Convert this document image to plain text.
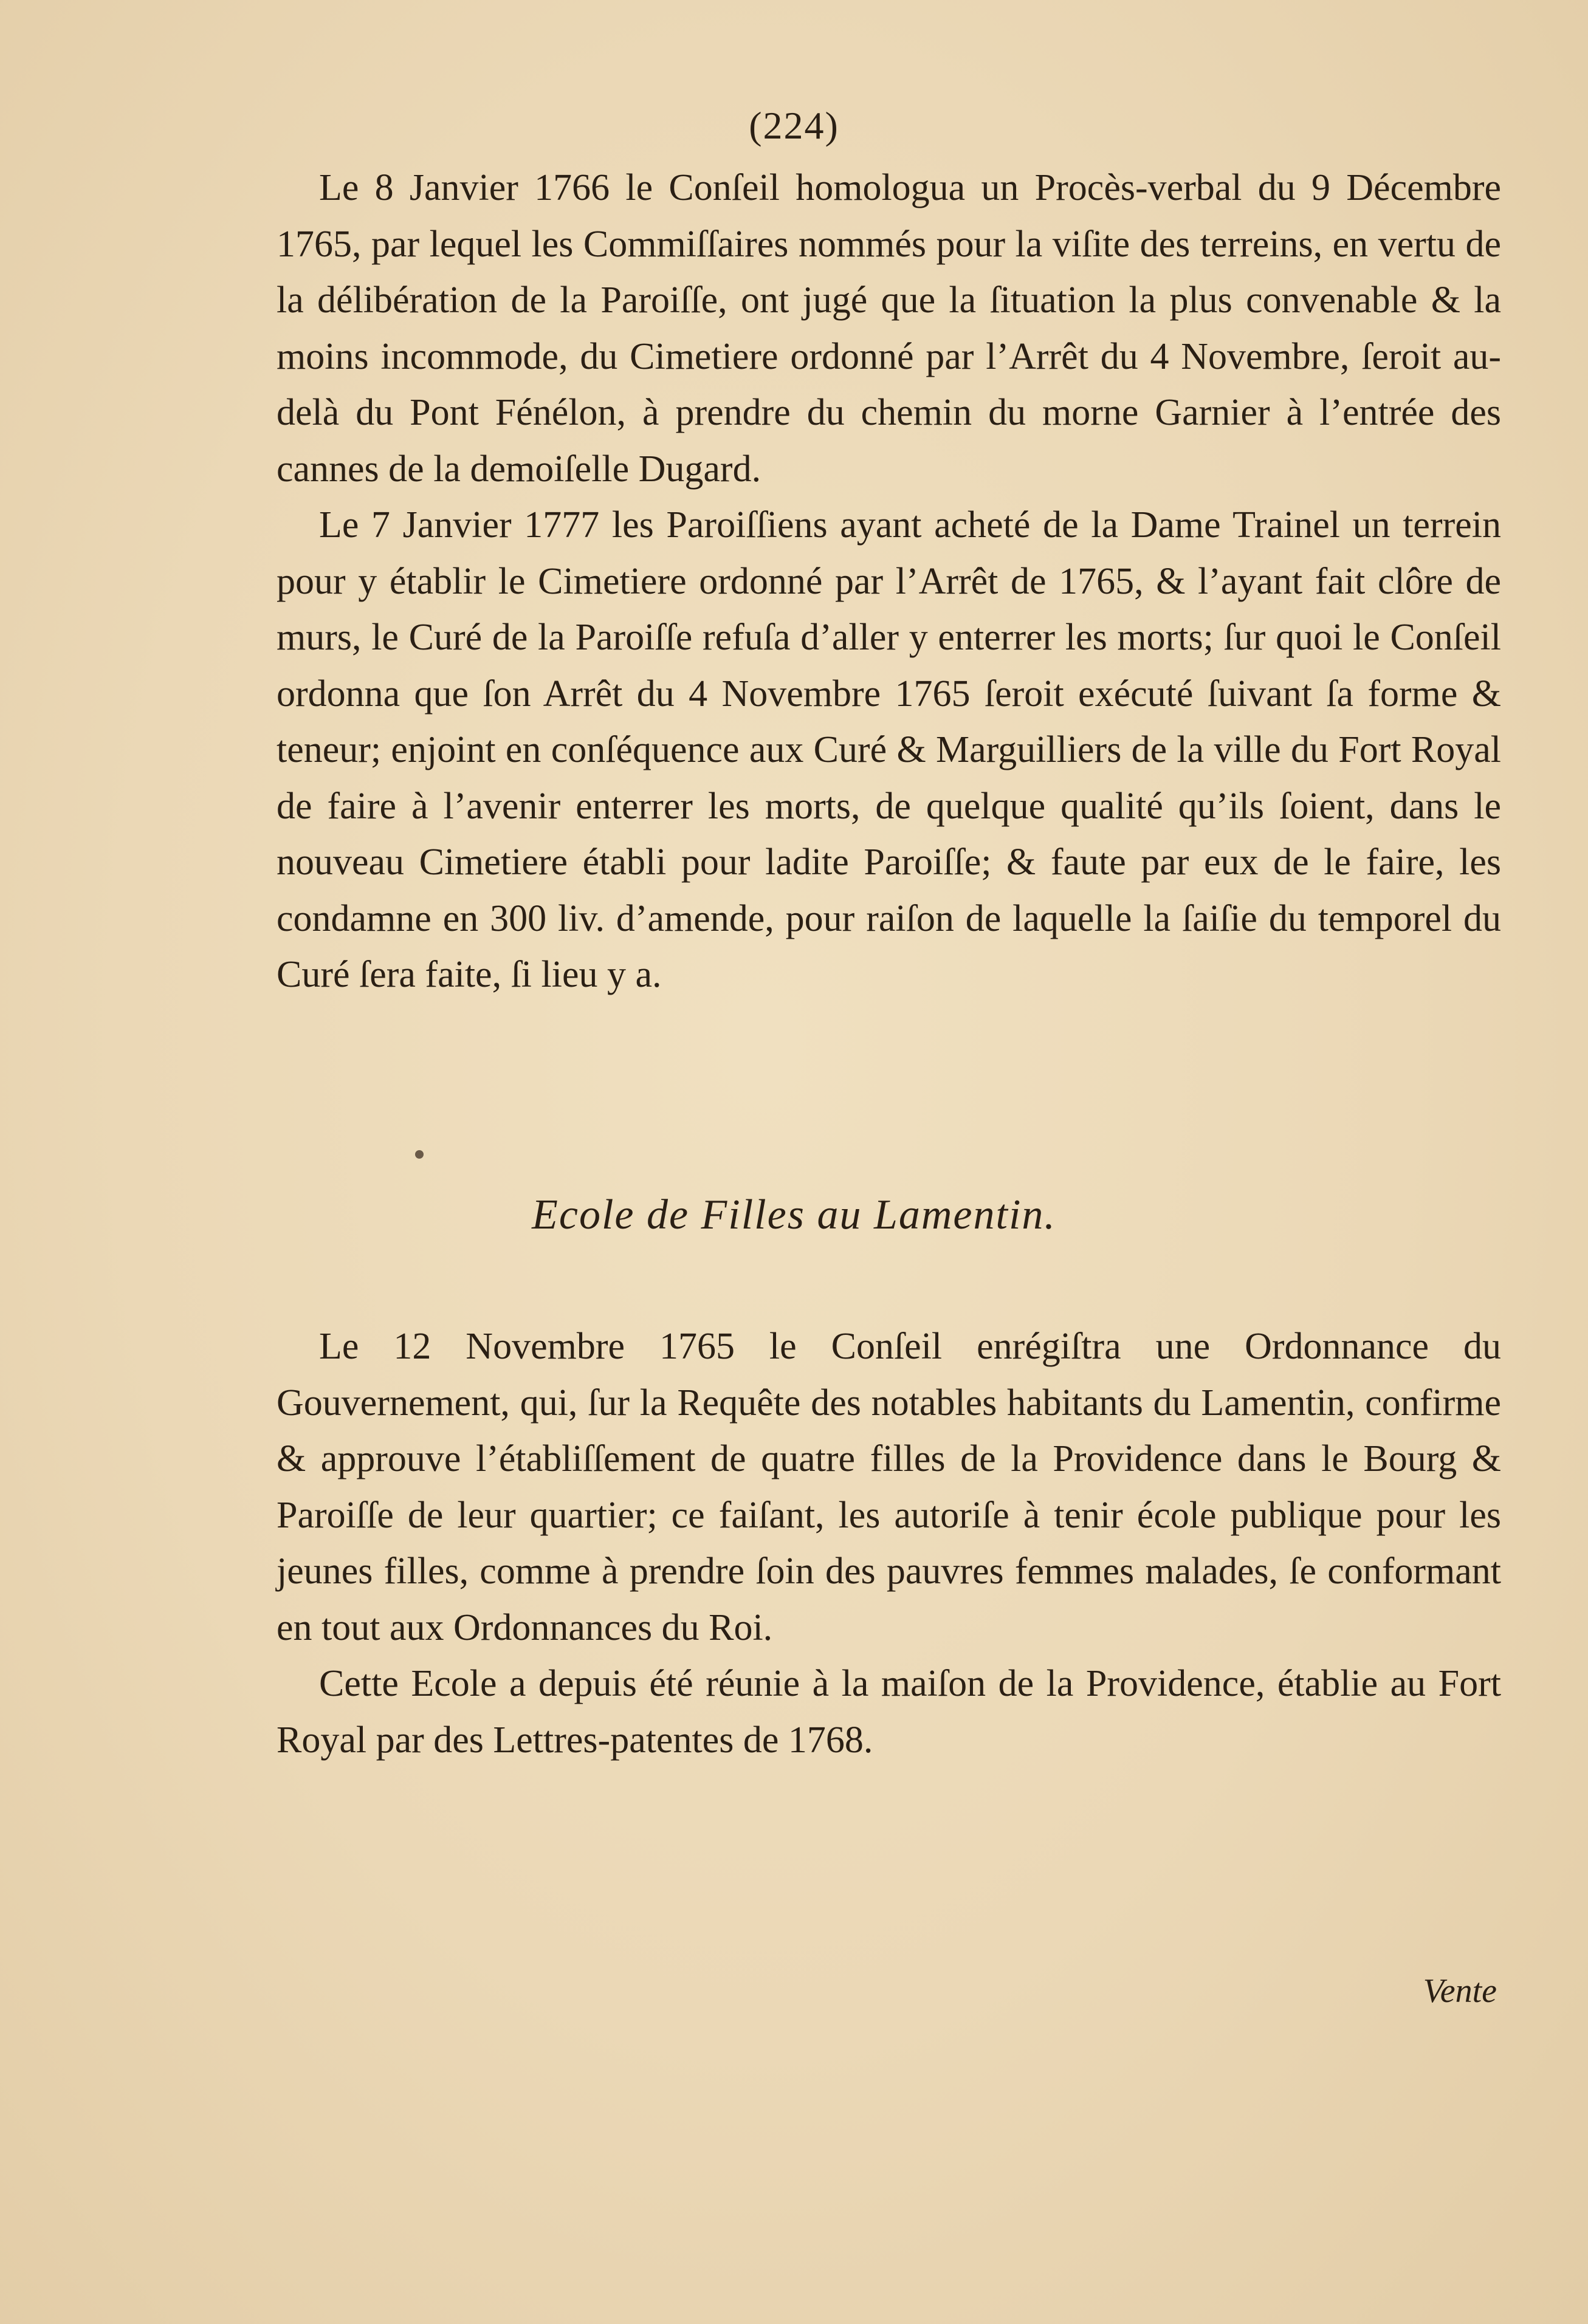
(224)

Le 8 Janvier 1766 le Conſeil homologua un Procès-verbal du 9 Décembre 1765, par lequel les Commiſſaires nommés pour la viſite des terreins, en vertu de la délibération de la Paroiſſe, ont jugé que la ſituation la plus convenable & la moins incommode, du Cimetiere ordonné par l’Arrêt du 4 Novembre, ſeroit au-delà du Pont Fénélon, à prendre du chemin du morne Garnier à l’entrée des cannes de la demoiſelle Dugard.

Le 7 Janvier 1777 les Paroiſſiens ayant acheté de la Dame Trainel un terrein pour y établir le Cimetiere ordonné par l’Arrêt de 1765, & l’ayant fait clôre de murs, le Curé de la Paroiſſe refuſa d’aller y enterrer les morts; ſur quoi le Conſeil ordonna que ſon Arrêt du 4 Novembre 1765 ſeroit exécuté ſuivant ſa forme & teneur; enjoint en conſéquence aux Curé & Marguilliers de la ville du Fort Royal de faire à l’avenir enterrer les morts, de quelque qualité qu’ils ſoient, dans le nouveau Cimetiere établi pour ladite Paroiſſe; & faute par eux de le faire, les condamne en 300 liv. d’amende, pour raiſon de laquelle la ſaiſie du temporel du Curé ſera faite, ſi lieu y a.

Ecole de Filles au Lamentin.

Le 12 Novembre 1765 le Conſeil enrégiſtra une Ordonnance du Gouvernement, qui, ſur la Requête des notables habitants du Lamentin, confirme & approuve l’établiſſement de quatre filles de la Providence dans le Bourg & Paroiſſe de leur quartier; ce faiſant, les autoriſe à tenir école publique pour les jeunes filles, comme à prendre ſoin des pauvres femmes malades, ſe conformant en tout aux Ordonnances du Roi.

Cette Ecole a depuis été réunie à la maiſon de la Providence, établie au Fort Royal par des Lettres-patentes de 1768.

Vente
